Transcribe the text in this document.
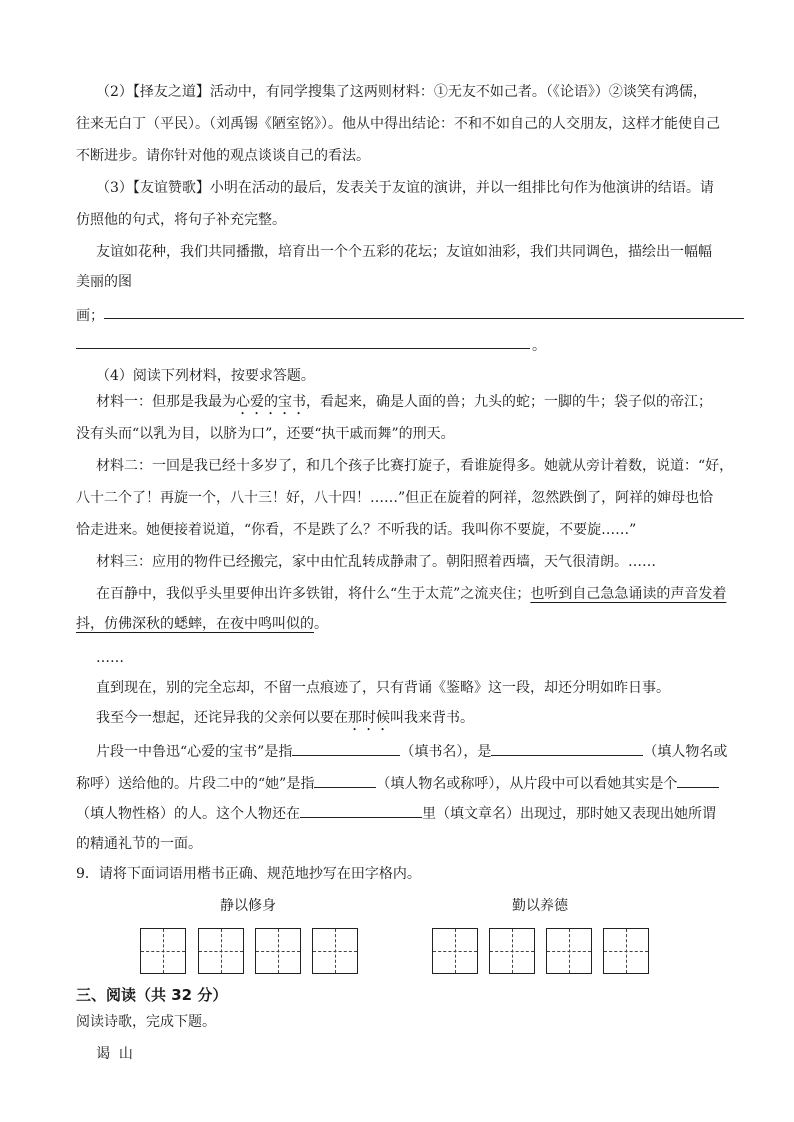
（2）【择友之道】活动中，有同学搜集了这两则材料：①无友不如己者。（《论语》）②谈笑有鸿儒，

往来无白丁（平民）。（刘禹锡《陋室铭》）。他从中得出结论：不和不如自己的人交朋友，这样才能使自己

不断进步。请你针对他的观点谈谈自己的看法。

（3）【友谊赞歌】小明在活动的最后，发表关于友谊的演讲，并以一组排比句作为他演讲的结语。请

仿照他的句式，将句子补充完整。

友谊如花种，我们共同播撒，培育出一个个五彩的花坛；友谊如油彩，我们共同调色，描绘出一幅幅

美丽的图

画；

。

（4）阅读下列材料，按要求答题。

材料一：但那是我最为心爱的宝书，看起来，确是人面的兽；九头的蛇；一脚的牛；袋子似的帝江；

没有头而“以乳为目，以脐为口”，还要“执干戚而舞”的刑天。

材料二：一回是我已经十多岁了，和几个孩子比赛打旋子，看谁旋得多。她就从旁计着数，说道：“好，

八十二个了！再旋一个，八十三！好，八十四！……”但正在旋着的阿祥，忽然跌倒了，阿祥的婶母也恰

恰走进来。她便接着说道，“你看，不是跌了么？不听我的话。我叫你不要旋，不要旋……”

材料三：应用的物件已经搬完，家中由忙乱转成静肃了。朝阳照着西墙，天气很清朗。……

在百静中，我似乎头里要伸出许多铁钳，将什么“生于太荒”之流夹住；也听到自己急急诵读的声音发着

抖，仿佛深秋的蟋蟀，在夜中鸣叫似的。

……

直到现在，别的完全忘却，不留一点痕迹了，只有背诵《鉴略》这一段，却还分明如昨日事。

我至今一想起，还诧异我的父亲何以要在那时候叫我来背书。

片段一中鲁迅“心爱的宝书”是指	（填书名），是	（填人物名或

称呼）送给他的。片段二中的“她”是指	（填人物名或称呼），从片段中可以看她其实是个

（填人物性格）的人。这个人物还在	里（填文章名）出现过，那时她又表现出她所谓

的精通礼节的一面。

9．请将下面词语用楷书正确、规范地抄写在田字格内。

静以修身	勤以养德
三、阅读（共 32 分）

阅读诗歌，完成下题。

谒  山
